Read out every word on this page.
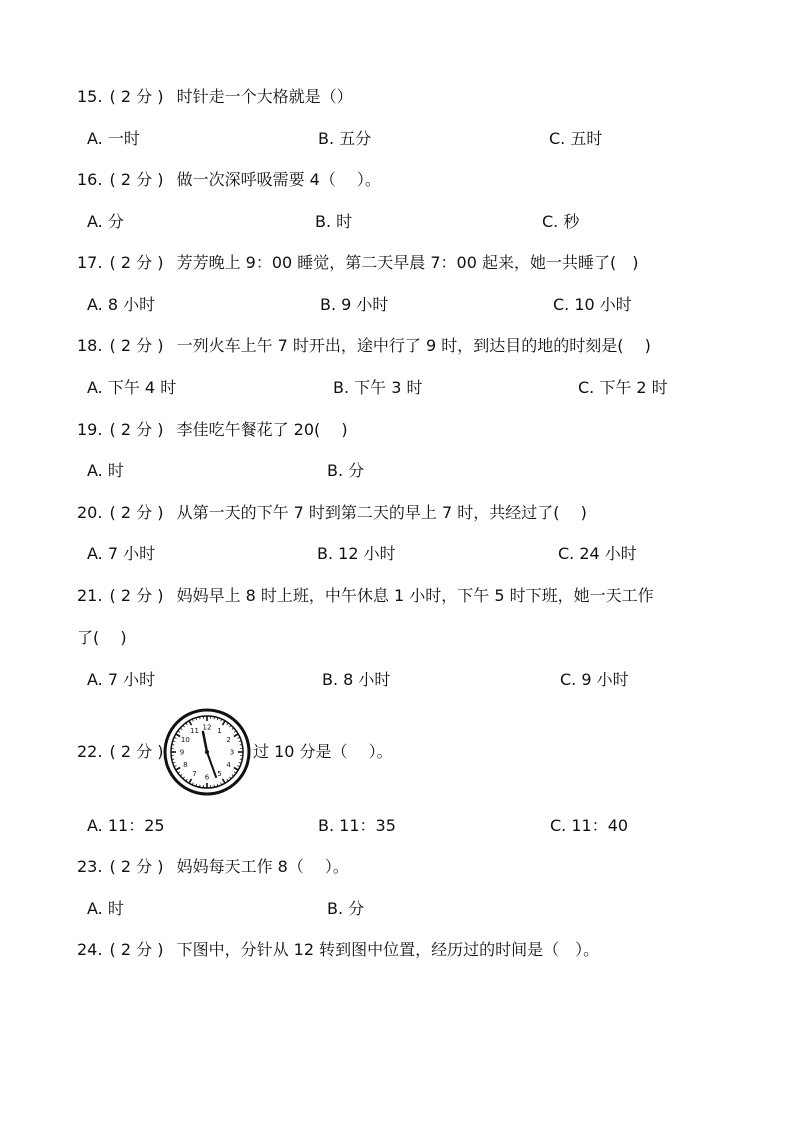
15. ( 2 分 ) 时针走一个大格就是（）
A. 一时	B. 五分	C. 五时
16. ( 2 分 ) 做一次深呼吸需要 4（　 ）。
A. 分	B. 时	C. 秒
17. ( 2 分 ) 芳芳晚上 9：00 睡觉，第二天早晨 7：00 起来，她一共睡了(　)
A. 8 小时	B. 9 小时	C. 10 小时
18. ( 2 分 ) 一列火车上午 7 时开出，途中行了 9 时，到达目的地的时刻是(　 )
A. 下午 4 时	B. 下午 3 时	C. 下午 2 时
19. ( 2 分 ) 李佳吃午餐花了 20(　 )
A. 时	B. 分
20. ( 2 分 ) 从第一天的下午 7 时到第二天的早上 7 时，共经过了(　 )
A. 7 小时	B. 12 小时	C. 24 小时
21. ( 2 分 ) 妈妈早上 8 时上班，中午休息 1 小时，下午 5 时下班，她一天工作
了(　 )
A. 7 小时	B. 8 小时	C. 9 小时
22. ( 2 分 )
12 1
2
3
4
5
6
7
8
9
10
11
过 10 分是（　 ）。
A. 11：25	B. 11：35	C. 11：40
23. ( 2 分 ) 妈妈每天工作 8（　 ）。
A. 时	B. 分
24. ( 2 分 ) 下图中，分针从 12 转到图中位置，经历过的时间是（　）。
